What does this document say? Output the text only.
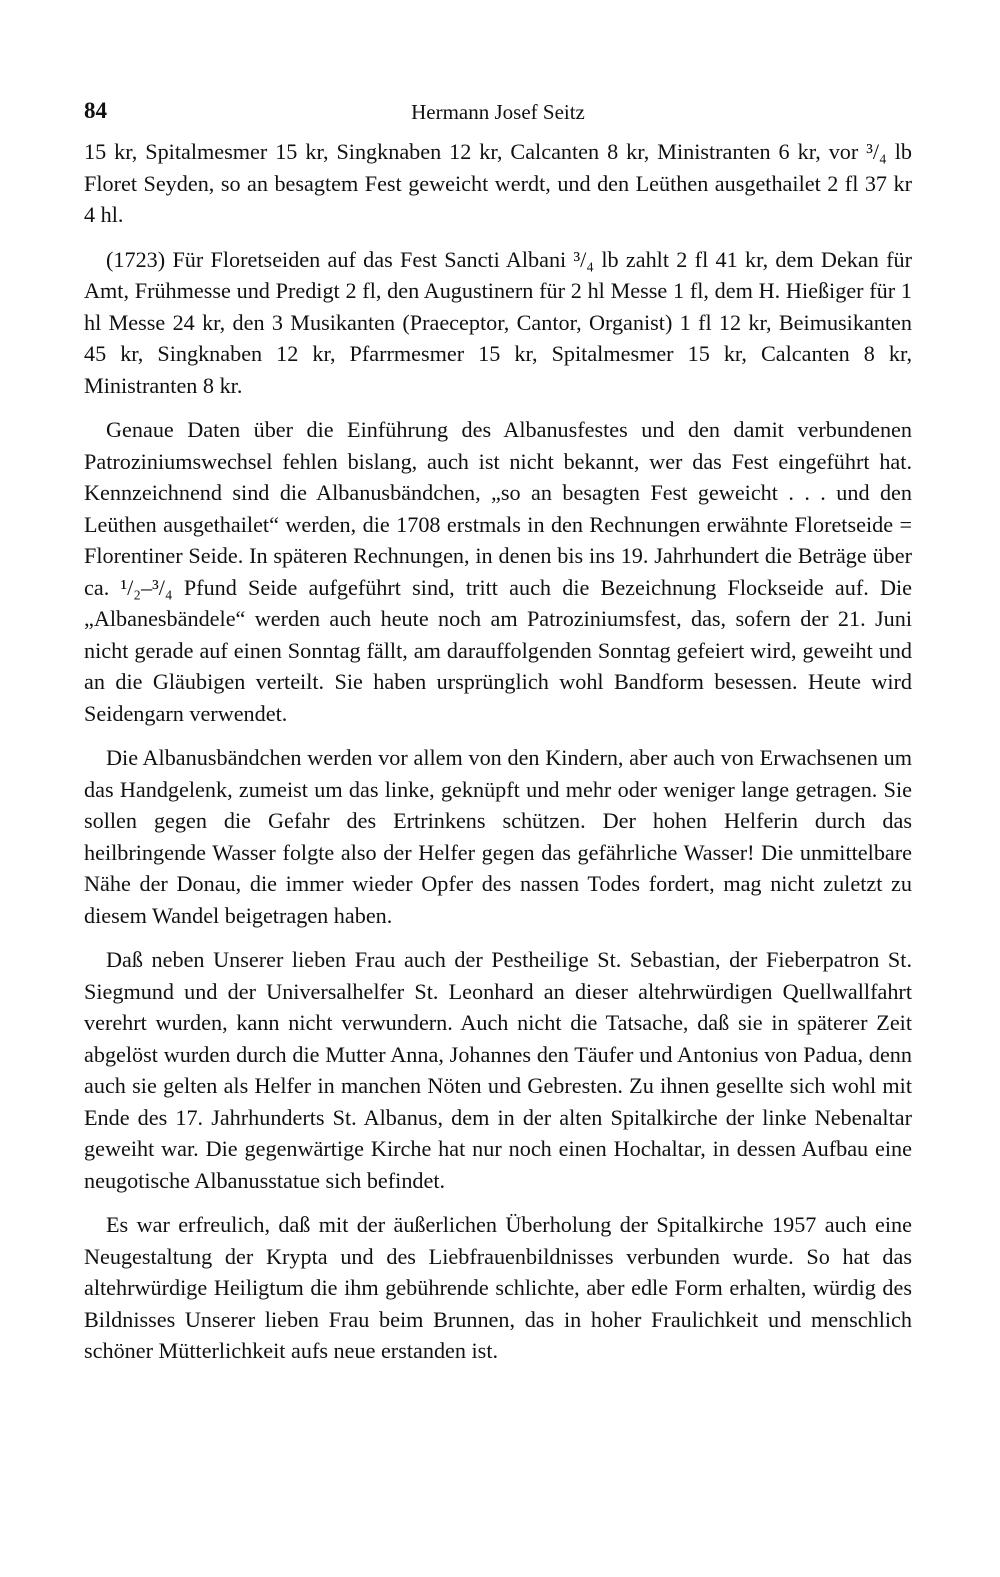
84	Hermann Josef Seitz

15 kr, Spitalmesmer 15 kr, Singknaben 12 kr, Calcanten 8 kr, Ministranten 6 kr, vor ³/₄ lb Floret Seyden, so an besagtem Fest geweicht werdt, und den Leüthen ausgethailet 2 fl 37 kr 4 hl.

(1723) Für Floretseiden auf das Fest Sancti Albani ³/₄ lb zahlt 2 fl 41 kr, dem Dekan für Amt, Frühmesse und Predigt 2 fl, den Augustinern für 2 hl Messe 1 fl, dem H. Hießiger für 1 hl Messe 24 kr, den 3 Musikanten (Praeceptor, Cantor, Organist) 1 fl 12 kr, Beimusikanten 45 kr, Singknaben 12 kr, Pfarrmesmer 15 kr, Spitalmesmer 15 kr, Calcanten 8 kr, Ministranten 8 kr.

Genaue Daten über die Einführung des Albanusfestes und den damit verbundenen Patroziniumswechsel fehlen bislang, auch ist nicht bekannt, wer das Fest eingeführt hat. Kennzeichnend sind die Albanusbändchen, „so an besagten Fest geweicht . . . und den Leüthen ausgethailet“ werden, die 1708 erstmals in den Rechnungen erwähnte Floretseide = Florentiner Seide. In späteren Rechnungen, in denen bis ins 19. Jahrhundert die Beträge über ca. ¹/₂–³/₄ Pfund Seide aufgeführt sind, tritt auch die Bezeichnung Flockseide auf. Die „Albanesbändele“ werden auch heute noch am Patroziniumsfest, das, sofern der 21. Juni nicht gerade auf einen Sonntag fällt, am darauffolgenden Sonntag gefeiert wird, geweiht und an die Gläubigen verteilt. Sie haben ursprünglich wohl Bandform besessen. Heute wird Seidengarn verwendet.

Die Albanusbändchen werden vor allem von den Kindern, aber auch von Erwachsenen um das Handgelenk, zumeist um das linke, geknüpft und mehr oder weniger lange getragen. Sie sollen gegen die Gefahr des Ertrinkens schützen. Der hohen Helferin durch das heilbringende Wasser folgte also der Helfer gegen das gefährliche Wasser! Die unmittelbare Nähe der Donau, die immer wieder Opfer des nassen Todes fordert, mag nicht zuletzt zu diesem Wandel beigetragen haben.

Daß neben Unserer lieben Frau auch der Pestheilige St. Sebastian, der Fieberpatron St. Siegmund und der Universalhelfer St. Leonhard an dieser altehrwürdigen Quellwallfahrt verehrt wurden, kann nicht verwundern. Auch nicht die Tatsache, daß sie in späterer Zeit abgelöst wurden durch die Mutter Anna, Johannes den Täufer und Antonius von Padua, denn auch sie gelten als Helfer in manchen Nöten und Gebresten. Zu ihnen gesellte sich wohl mit Ende des 17. Jahrhunderts St. Albanus, dem in der alten Spitalkirche der linke Nebenaltar geweiht war. Die gegenwärtige Kirche hat nur noch einen Hochaltar, in dessen Aufbau eine neugotische Albanusstatue sich befindet.

Es war erfreulich, daß mit der äußerlichen Überholung der Spitalkirche 1957 auch eine Neugestaltung der Krypta und des Liebfrauenbildnisses verbunden wurde. So hat das altehrwürdige Heiligtum die ihm gebührende schlichte, aber edle Form erhalten, würdig des Bildnisses Unserer lieben Frau beim Brunnen, das in hoher Fraulichkeit und menschlich schöner Mütterlichkeit aufs neue erstanden ist.
